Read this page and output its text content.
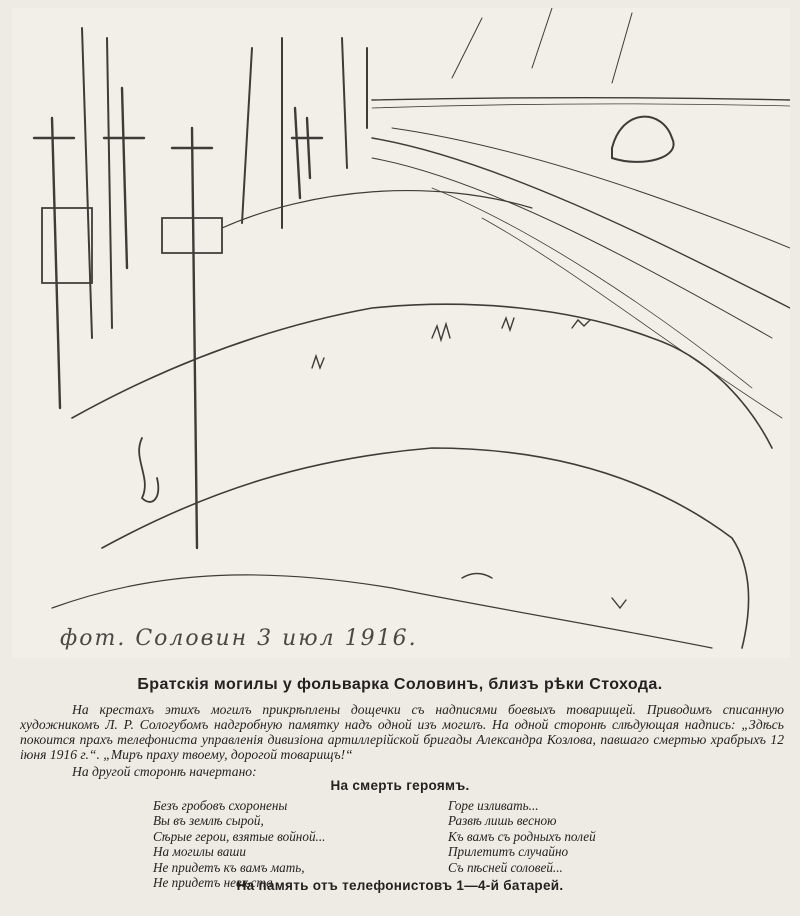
фот. Соловин 3 июл 1916.
Братскія могилы у фольварка Соловинъ, близъ рѣки Стохода.

На крестахъ этихъ могилъ прикрѣплены дощечки съ надписями боевыхъ товарищей. Приводимъ списанную художникомъ Л. Р. Сологубомъ надгробную памятку надъ одной изъ могилъ. На одной сторонѣ слѣдующая надпись: „Здѣсь покоится прахъ телефониста управленія дивизіона артиллерійской бригады Александра Козлова, павшаго смертью храбрыхъ 12 іюня 1916 г.“. „Миръ праху твоему, дорогой товарищъ!“

На другой сторонѣ начертано:

На смерть героямъ.
Безъ гробовъ схоронены
Вы въ землѣ сырой,
Сѣрые герои, взятые войной...
На могилы ваши
Не придетъ къ вамъ мать,
Не придетъ невѣста
Горе изливать...
Развѣ лишь весною
Къ вамъ съ родныхъ полей
Прилетитъ случайно
Съ пѣсней соловей...
На память отъ телефонистовъ 1—4-й батарей.
